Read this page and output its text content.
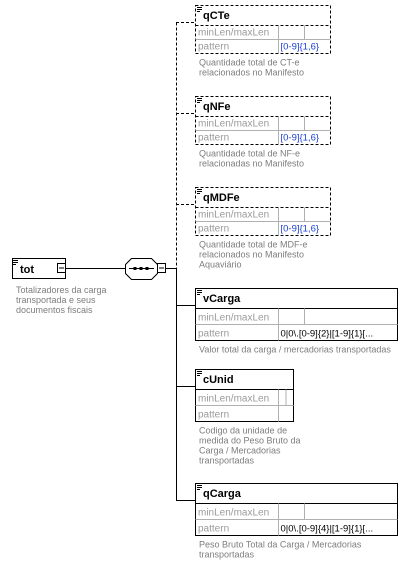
tot
Totalizadores da carga
transportada e seus
documentos fiscais
qCTe
minLen/maxLen
pattern	[0-9]{1,6}
Quantidade total de CT-e
relacionados no Manifesto
qNFe
minLen/maxLen
pattern	[0-9]{1,6}
Quantidade total de NF-e
relacionadas no Manifesto
qMDFe
minLen/maxLen
pattern	[0-9]{1,6}
Quantidade total de MDF-e
relacionados no Manifesto
Aquaviário
vCarga
minLen/maxLen
pattern	0|0\.[0-9]{2}|[1-9]{1}[...
Valor total da carga / mercadorias transportadas
cUnid
minLen/maxLen
pattern
Codigo da unidade de
medida do Peso Bruto da
Carga / Mercadorias
transportadas
qCarga
minLen/maxLen
pattern	0|0\.[0-9]{4}|[1-9]{1}[...
Peso Bruto Total da Carga / Mercadorias
transportadas
